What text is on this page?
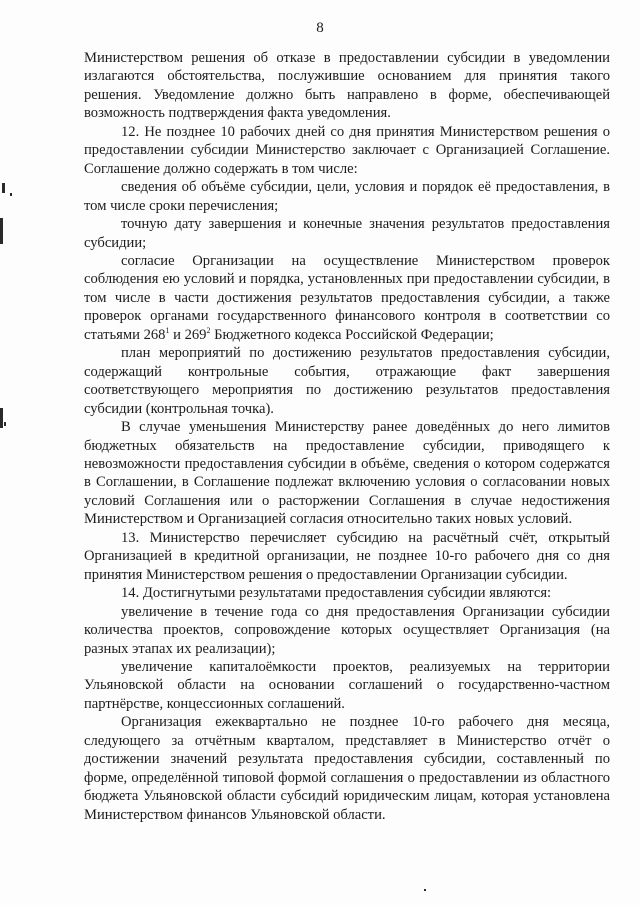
8

Министерством решения об отказе в предоставлении субсидии в уведомлении излагаются обстоятельства, послужившие основанием для принятия такого решения. Уведомление должно быть направлено в форме, обеспечивающей возможность подтверждения факта уведомления.

12. Не позднее 10 рабочих дней со дня принятия Министерством решения о предоставлении субсидии Министерство заключает с Организацией Соглашение. Соглашение должно содержать в том числе:

сведения об объёме субсидии, цели, условия и порядок её предоставления, в том числе сроки перечисления;

точную дату завершения и конечные значения результатов предоставления субсидии;

согласие Организации на осуществление Министерством проверок соблюдения ею условий и порядка, установленных при предоставлении субсидии, в том числе в части достижения результатов предоставления субсидии, а также проверок органами государственного финансового контроля в соответствии со статьями $268^1$ и $269^2$ Бюджетного кодекса Российской Федерации;

план мероприятий по достижению результатов предоставления субсидии, содержащий контрольные события, отражающие факт завершения соответствующего мероприятия по достижению результатов предоставления субсидии (контрольная точка).

В случае уменьшения Министерству ранее доведённых до него лимитов бюджетных обязательств на предоставление субсидии, приводящего к невозможности предоставления субсидии в объёме, сведения о котором содержатся в Соглашении, в Соглашение подлежат включению условия о согласовании новых условий Соглашения или о расторжении Соглашения в случае недостижения Министерством и Организацией согласия относительно таких новых условий.

13. Министерство перечисляет субсидию на расчётный счёт, открытый Организацией в кредитной организации, не позднее 10-го рабочего дня со дня принятия Министерством решения о предоставлении Организации субсидии.

14. Достигнутыми результатами предоставления субсидии являются:

увеличение в течение года со дня предоставления Организации субсидии количества проектов, сопровождение которых осуществляет Организация (на разных этапах их реализации);

увеличение капиталоёмкости проектов, реализуемых на территории Ульяновской области на основании соглашений о государственно-частном партнёрстве, концессионных соглашений.

Организация ежеквартально не позднее 10-го рабочего дня месяца, следующего за отчётным кварталом, представляет в Министерство отчёт о достижении значений результата предоставления субсидии, составленный по форме, определённой типовой формой соглашения о предоставлении из областного бюджета Ульяновской области субсидий юридическим лицам, которая установлена Министерством финансов Ульяновской области.
